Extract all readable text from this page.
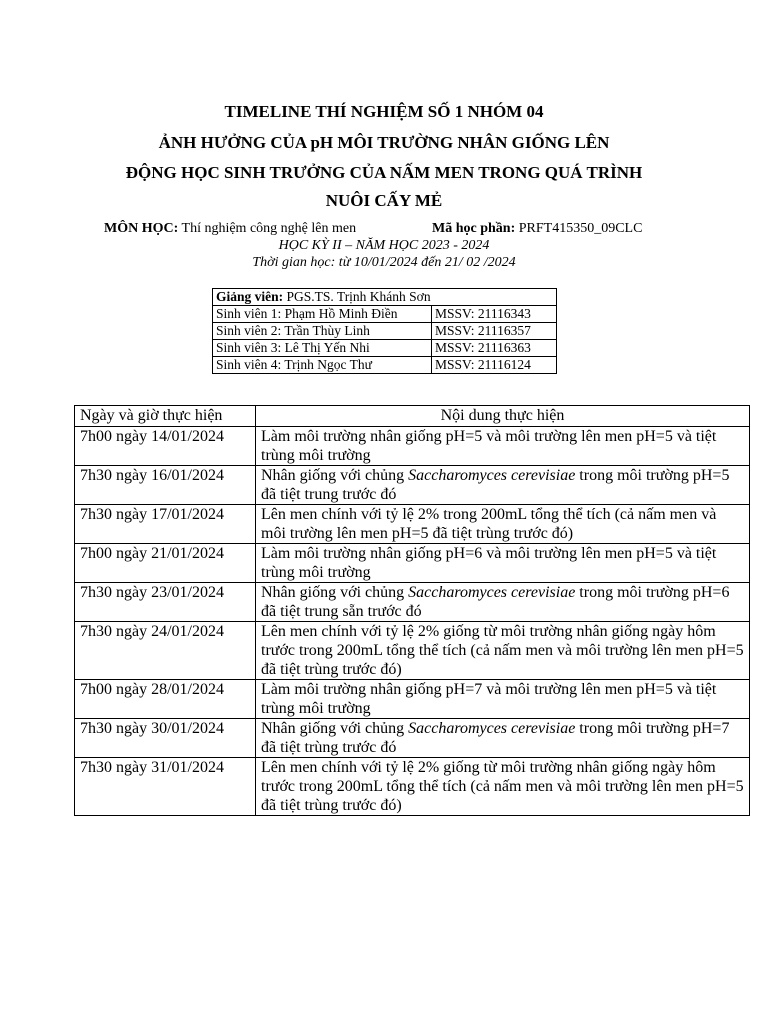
TIMELINE THÍ NGHIỆM SỐ 1 NHÓM 04
ẢNH HƯỞNG CỦA pH MÔI TRƯỜNG NHÂN GIỐNG LÊN
ĐỘNG HỌC SINH TRƯỞNG CỦA NẤM MEN TRONG QUÁ TRÌNH
NUÔI CẤY MẺ
MÔN HỌC: Thí nghiệm công nghệ lên men	Mã học phần: PRFT415350_09CLC
HỌC KỲ II – NĂM HỌC 2023 - 2024
Thời gian học: từ 10/01/2024 đến 21/ 02 /2024
Giảng viên: PGS.TS. Trịnh Khánh Sơn	
Sinh viên 1: Phạm Hồ Minh Điền	MSSV: 21116343
Sinh viên 2: Trần Thùy Linh	MSSV: 21116357
Sinh viên 3: Lê Thị Yến Nhi	MSSV: 21116363
Sinh viên 4: Trịnh Ngọc Thư	MSSV: 21116124
Ngày và giờ thực hiện	Nội dung thực hiện
7h00 ngày 14/01/2024	Làm môi trường nhân giống pH=5 và môi trường lên men pH=5 và tiệt trùng môi trường
7h30 ngày 16/01/2024	Nhân giống với chủng Saccharomyces cerevisiae trong môi trường pH=5 đã tiệt trung trước đó
7h30 ngày 17/01/2024	Lên men chính với tỷ lệ 2% trong 200mL tổng thể tích (cả nấm men và môi trường lên men pH=5 đã tiệt trùng trước đó)
7h00 ngày 21/01/2024	Làm môi trường nhân giống pH=6 và môi trường lên men pH=5 và tiệt trùng môi trường
7h30 ngày 23/01/2024	Nhân giống với chủng Saccharomyces cerevisiae trong môi trường pH=6 đã tiệt trung sẵn trước đó
7h30 ngày 24/01/2024	Lên men chính với tỷ lệ 2% giống từ môi trường nhân giống ngày hôm trước trong 200mL tổng thể tích (cả nấm men và môi trường lên men pH=5 đã tiệt trùng trước đó)
7h00 ngày 28/01/2024	Làm môi trường nhân giống pH=7 và môi trường lên men pH=5 và tiệt trùng môi trường
7h30 ngày 30/01/2024	Nhân giống với chủng Saccharomyces cerevisiae trong môi trường pH=7 đã tiệt trùng trước đó
7h30 ngày 31/01/2024	Lên men chính với tỷ lệ 2% giống từ môi trường nhân giống ngày hôm trước trong 200mL tổng thể tích (cả nấm men và môi trường lên men pH=5 đã tiệt trùng trước đó)
